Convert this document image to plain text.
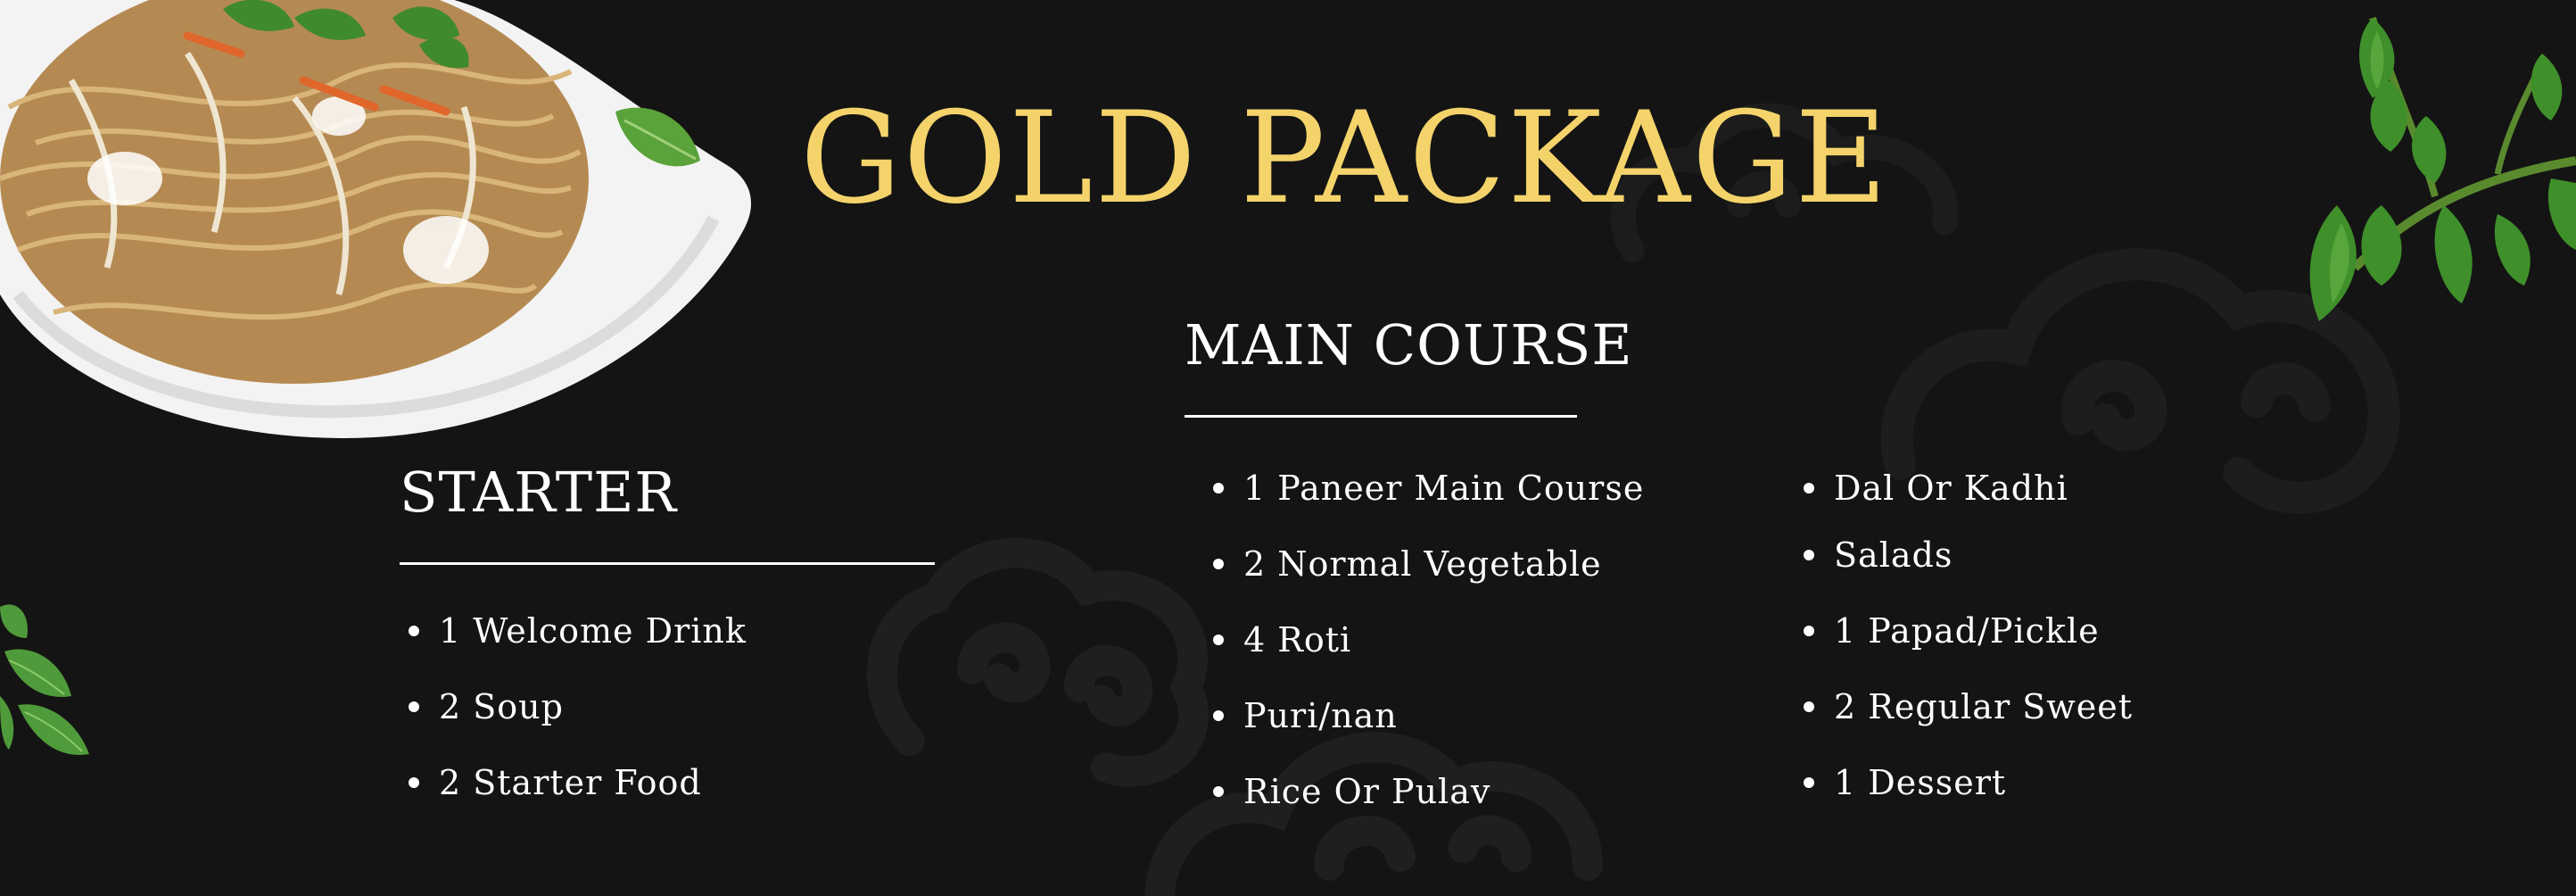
GOLD PACKAGE
STARTER
1 Welcome Drink
2 Soup
2 Starter Food
MAIN COURSE
1 Paneer Main Course
2 Normal Vegetable
4 Roti
Puri/nan
Rice Or Pulav
Dal Or Kadhi
Salads
1 Papad/Pickle
2 Regular Sweet
1 Dessert
